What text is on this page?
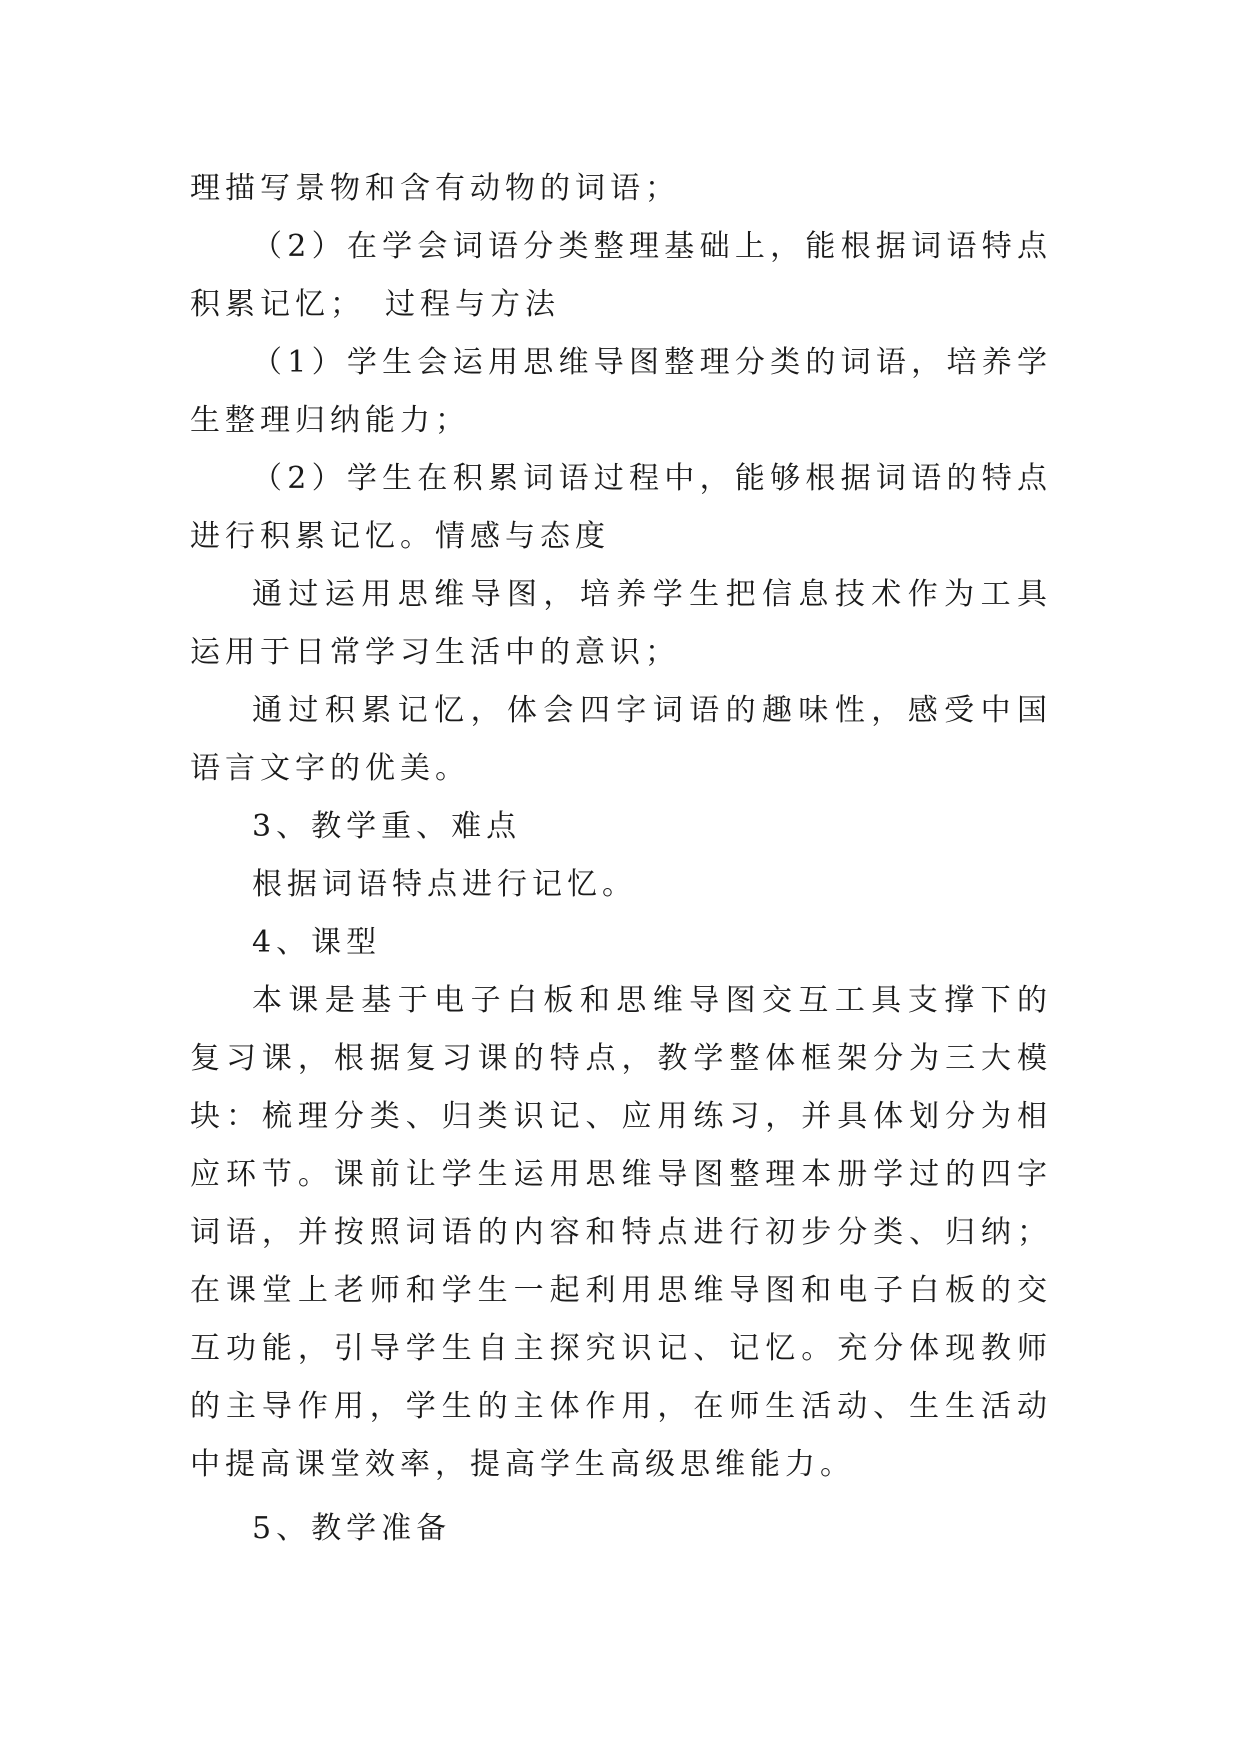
理描写景物和含有动物的词语；

（2）在学会词语分类整理基础上，能根据词语特点积累记忆；　过程与方法

（1）学生会运用思维导图整理分类的词语，培养学生整理归纳能力；

（2）学生在积累词语过程中，能够根据词语的特点进行积累记忆。情感与态度

通过运用思维导图，培养学生把信息技术作为工具运用于日常学习生活中的意识；

通过积累记忆，体会四字词语的趣味性，感受中国语言文字的优美。

3、教学重、难点

根据词语特点进行记忆。

4、课型

本课是基于电子白板和思维导图交互工具支撑下的复习课，根据复习课的特点，教学整体框架分为三大模块：梳理分类、归类识记、应用练习，并具体划分为相应环节。课前让学生运用思维导图整理本册学过的四字词语，并按照词语的内容和特点进行初步分类、归纳；在课堂上老师和学生一起利用思维导图和电子白板的交互功能，引导学生自主探究识记、记忆。充分体现教师的主导作用，学生的主体作用，在师生活动、生生活动中提高课堂效率，提高学生高级思维能力。

5、教学准备
